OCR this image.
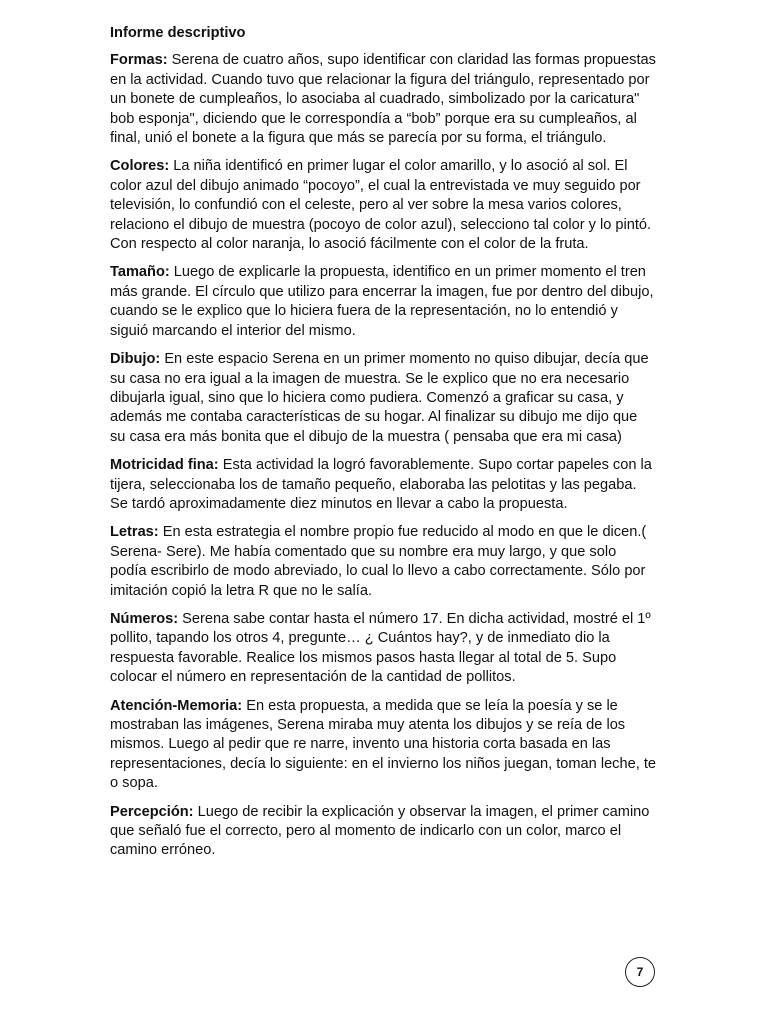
Informe descriptivo

Formas: Serena de cuatro años, supo identificar con claridad las formas propuestas en la actividad. Cuando tuvo que relacionar la figura del triángulo, representado por un bonete de cumpleaños, lo asociaba al cuadrado, simbolizado por la caricatura" bob esponja", diciendo que le correspondía a “bob” porque era su cumpleaños, al final, unió el bonete a la figura que más se parecía por su forma, el triángulo.

Colores: La niña identificó en primer lugar el color amarillo, y lo asoció al sol. El color azul del dibujo animado “pocoyo”, el cual la entrevistada ve muy seguido por televisión, lo confundió con el celeste, pero al ver sobre la mesa varios colores, relaciono el dibujo de muestra (pocoyo de color azul), selecciono tal color y lo pintó. Con respecto al color naranja, lo asoció fácilmente con el color de la fruta.

Tamaño: Luego de explicarle la propuesta, identifico en un primer momento el tren más grande. El círculo que utilizo para encerrar la imagen, fue por dentro del dibujo, cuando se le explico que lo hiciera fuera de la representación, no lo entendió y siguió marcando el interior del mismo.

Dibujo: En este espacio Serena en un primer momento no quiso dibujar, decía que su casa no era igual a la imagen de muestra. Se le explico que no era necesario dibujarla igual, sino que lo hiciera como pudiera. Comenzó a graficar su casa, y además me contaba características de su hogar. Al finalizar su dibujo me dijo que su casa era más bonita que el dibujo de la muestra ( pensaba que era mi casa)

Motricidad fina: Esta actividad la logró favorablemente. Supo cortar papeles con la tijera, seleccionaba los de tamaño pequeño, elaboraba las pelotitas y las pegaba. Se tardó aproximadamente diez minutos en llevar a cabo la propuesta.

Letras: En esta estrategia el nombre propio fue reducido al modo en que le dicen.( Serena- Sere). Me había comentado que su nombre era muy largo, y que solo podía escribirlo de modo abreviado, lo cual lo llevo a cabo correctamente. Sólo por imitación copió la letra R que no le salía.

Números: Serena sabe contar hasta el número 17. En dicha actividad, mostré el 1º pollito, tapando los otros 4, pregunte… ¿ Cuántos hay?, y de inmediato dio la respuesta favorable. Realice los mismos pasos hasta llegar al total de 5. Supo colocar el número en representación de la cantidad de pollitos.

Atención-Memoria: En esta propuesta, a medida que se leía la poesía y se le mostraban las imágenes, Serena miraba muy atenta los dibujos y se reía de los mismos. Luego al pedir que re narre, invento una historia corta basada en las representaciones, decía lo siguiente: en el invierno los niños juegan, toman leche, te o sopa.

Percepción: Luego de recibir la explicación y observar la imagen, el primer camino que señaló fue el correcto, pero al momento de indicarlo con un color, marco el camino erróneo.

7
